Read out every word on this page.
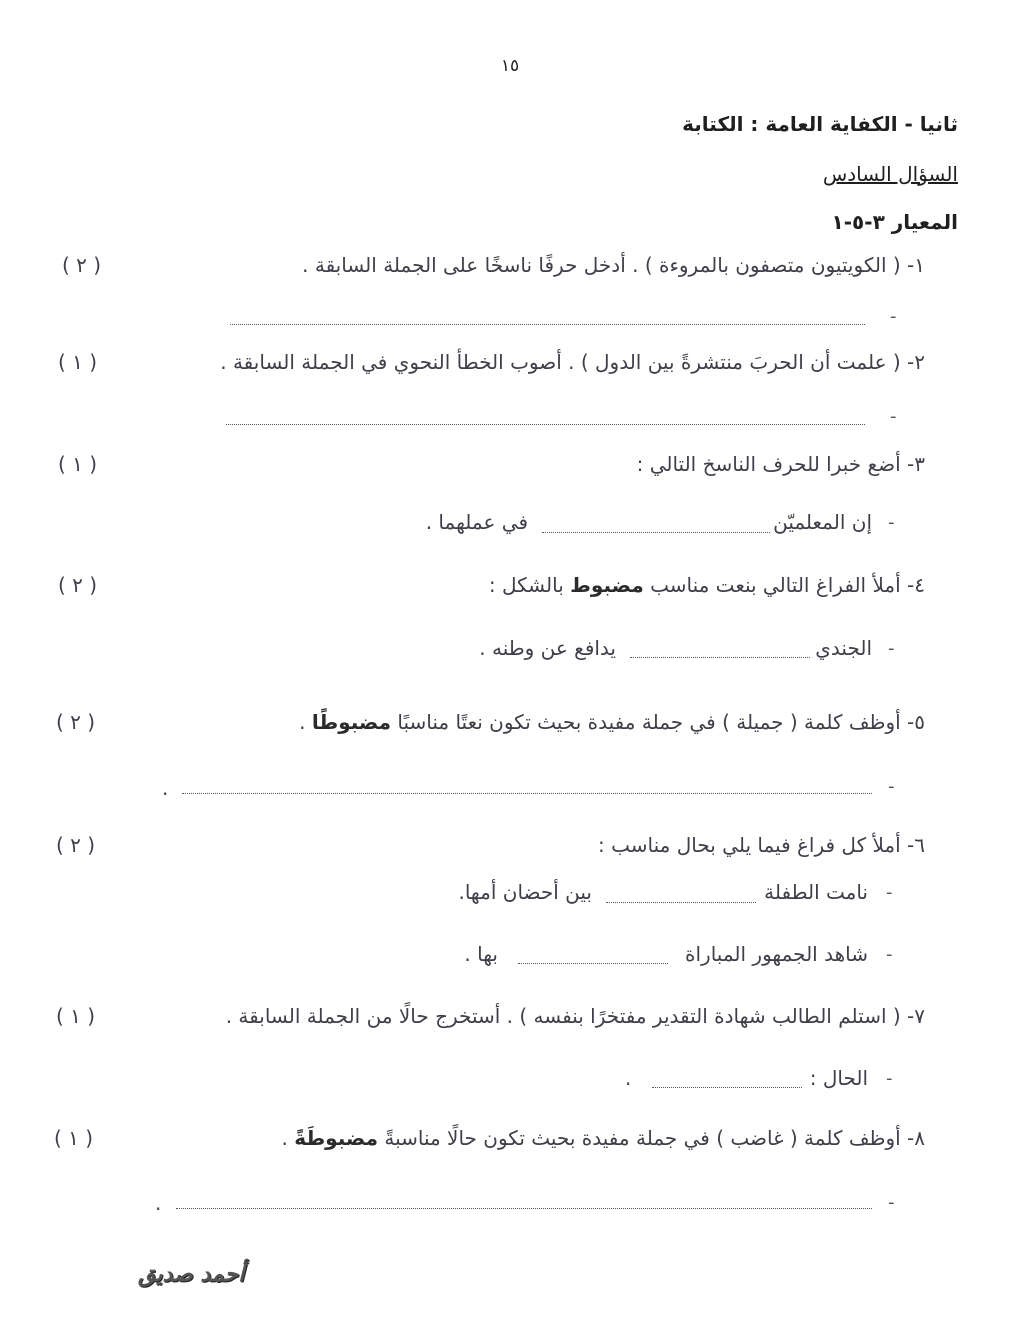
١٥
ثانيا - الكفاية العامة : الكتابة
السؤال السادس
المعيار ٣-٥-١
١- ( الكويتيون متصفون بالمروءة ) . أدخل حرفًا ناسخًا على الجملة السابقة .
( ٢ )
-
٢- ( علمت أن الحربَ منتشرةً بين الدول ) . أصوب الخطأ النحوي في الجملة السابقة .
( ١ )
-
٣- أضع خبرا للحرف الناسخ التالي :
( ١ )
-
إن المعلميّن
في عملهما .
٤- أملأ الفراغ التالي بنعت مناسب مضبوط بالشكل :
( ٢ )
-
الجندي
يدافع عن وطنه .
٥- أوظف كلمة ( جميلة ) في جملة مفيدة بحيث تكون نعتًا مناسبًا مضبوطًا .
( ٢ )
-
.
٦- أملأ كل فراغ فيما يلي بحال مناسب :
( ٢ )
-
نامت الطفلة
بين أحضان أمها.
-
شاهد الجمهور المباراة
بها .
٧- ( استلم الطالب شهادة التقدير مفتخرًا بنفسه ) . أستخرج حالًا من الجملة السابقة .
( ١ )
-
الحال :
.
٨- أوظف كلمة ( غاضب ) في جملة مفيدة بحيث تكون حالًا مناسبةً مضبوطَةً .
( ١ )
-
.
أحمد صديق
